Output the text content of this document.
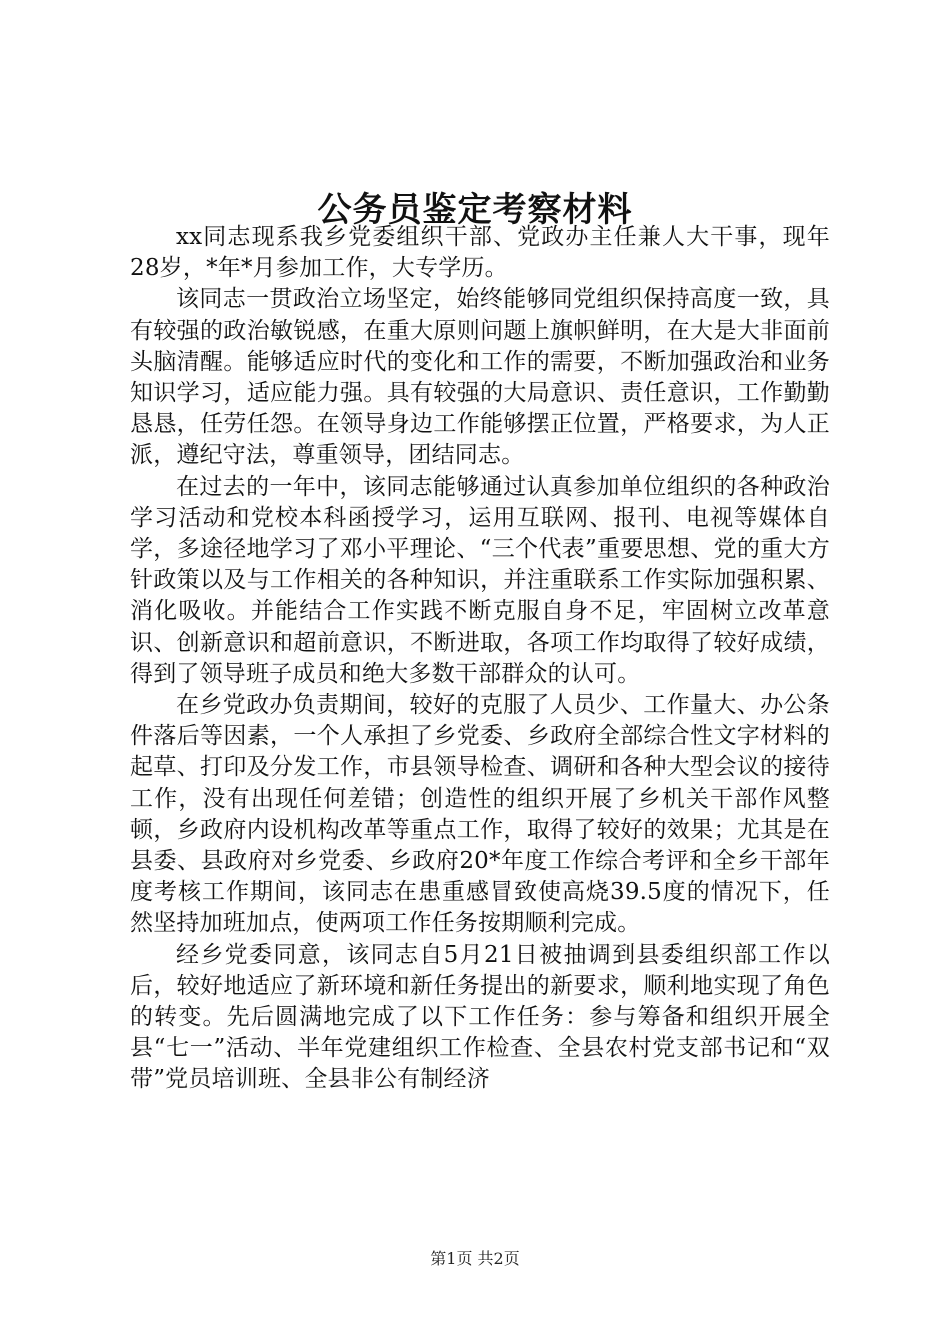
公务员鉴定考察材料

xx同志现系我乡党委组织干部、党政办主任兼人大干事，现年28岁，*年*月参加工作，大专学历。

该同志一贯政治立场坚定，始终能够同党组织保持高度一致，具有较强的政治敏锐感，在重大原则问题上旗帜鲜明，在大是大非面前头脑清醒。能够适应时代的变化和工作的需要，不断加强政治和业务知识学习，适应能力强。具有较强的大局意识、责任意识，工作勤勤恳恳，任劳任怨。在领导身边工作能够摆正位置，严格要求，为人正派，遵纪守法，尊重领导，团结同志。

在过去的一年中，该同志能够通过认真参加单位组织的各种政治学习活动和党校本科函授学习，运用互联网、报刊、电视等媒体自学，多途径地学习了邓小平理论、“三个代表”重要思想、党的重大方针政策以及与工作相关的各种知识，并注重联系工作实际加强积累、消化吸收。并能结合工作实践不断克服自身不足，牢固树立改革意识、创新意识和超前意识，不断进取，各项工作均取得了较好成绩，得到了领导班子成员和绝大多数干部群众的认可。

在乡党政办负责期间，较好的克服了人员少、工作量大、办公条件落后等因素，一个人承担了乡党委、乡政府全部综合性文字材料的起草、打印及分发工作，市县领导检查、调研和各种大型会议的接待工作，没有出现任何差错；创造性的组织开展了乡机关干部作风整顿，乡政府内设机构改革等重点工作，取得了较好的效果；尤其是在县委、县政府对乡党委、乡政府20*年度工作综合考评和全乡干部年度考核工作期间，该同志在患重感冒致使高烧39.5度的情况下，任然坚持加班加点，使两项工作任务按期顺利完成。

经乡党委同意，该同志自5月21日被抽调到县委组织部工作以后，较好地适应了新环境和新任务提出的新要求，顺利地实现了角色的转变。先后圆满地完成了以下工作任务：参与筹备和组织开展全县“七一”活动、半年党建组织工作检查、全县农村党支部书记和“双带”党员培训班、全县非公有制经济

第1页 共2页
